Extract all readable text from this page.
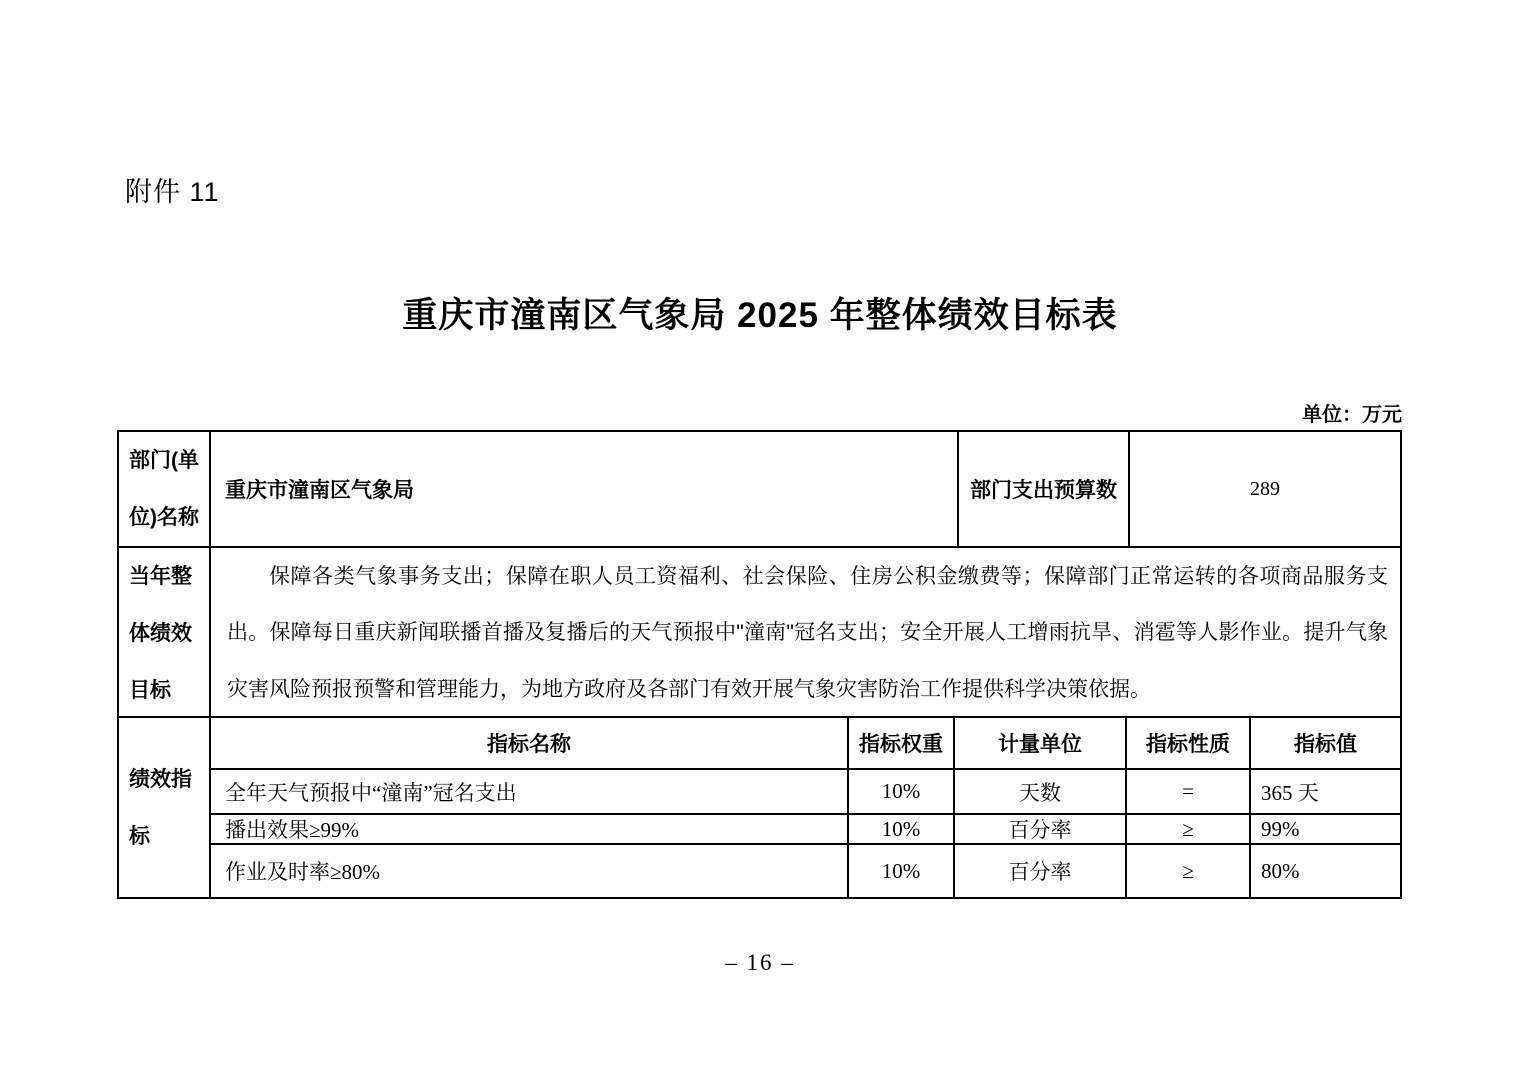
附件 11
重庆市潼南区气象局 2025 年整体绩效目标表
单位：万元
部门(单位)名称
重庆市潼南区气象局	部门支出预算数	289
当年整体绩效目标

保障各类气象事务支出；保障在职人员工资福利、社会保险、住房公积金缴费等；保障部门正常运转的各项商品服务支出。保障每日重庆新闻联播首播及复播后的天气预报中"潼南"冠名支出；安全开展人工增雨抗旱、消雹等人影作业。提升气象灾害风险预报预警和管理能力，为地方政府及各部门有效开展气象灾害防治工作提供科学决策依据。

绩效指标
指标名称	指标权重	计量单位	指标性质	指标值
全年天气预报中“潼南”冠名支出	10%	天数	=	365 天
播出效果≥99%	10%	百分率	≥	99%
作业及时率≥80%	10%	百分率	≥	80%
– 16 –
